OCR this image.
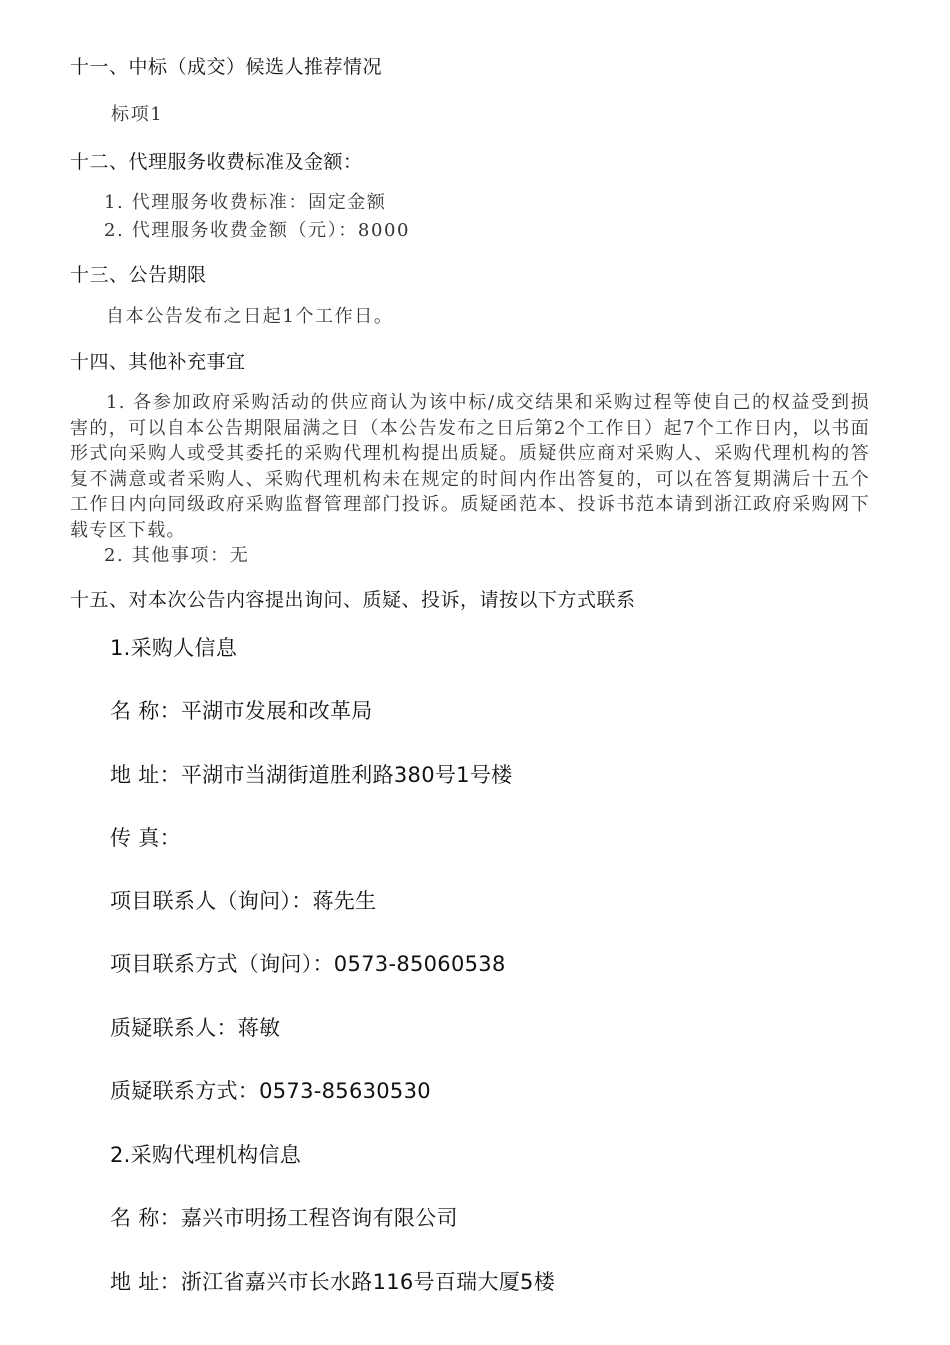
十一、中标（成交）候选人推荐情况
标项1
十二、代理服务收费标准及金额：
1. 代理服务收费标准：固定金额
2. 代理服务收费金额（元）：8000
十三、公告期限
自本公告发布之日起1个工作日。
十四、其他补充事宜
1. 各参加政府采购活动的供应商认为该中标/成交结果和采购过程等使自己的权益受到损害的，可以自本公告期限届满之日（本公告发布之日后第2个工作日）起7个工作日内，以书面形式向采购人或受其委托的采购代理机构提出质疑。质疑供应商对采购人、采购代理机构的答复不满意或者采购人、采购代理机构未在规定的时间内作出答复的，可以在答复期满后十五个工作日内向同级政府采购监督管理部门投诉。质疑函范本、投诉书范本请到浙江政府采购网下载专区下载。
2. 其他事项：无
十五、对本次公告内容提出询问、质疑、投诉，请按以下方式联系
1.采购人信息
名 称：平湖市发展和改革局
地 址：平湖市当湖街道胜利路380号1号楼
传 真：
项目联系人（询问）：蒋先生
项目联系方式（询问）：0573-85060538
质疑联系人：蒋敏
质疑联系方式：0573-85630530
2.采购代理机构信息
名 称：嘉兴市明扬工程咨询有限公司
地 址：浙江省嘉兴市长水路116号百瑞大厦5楼
